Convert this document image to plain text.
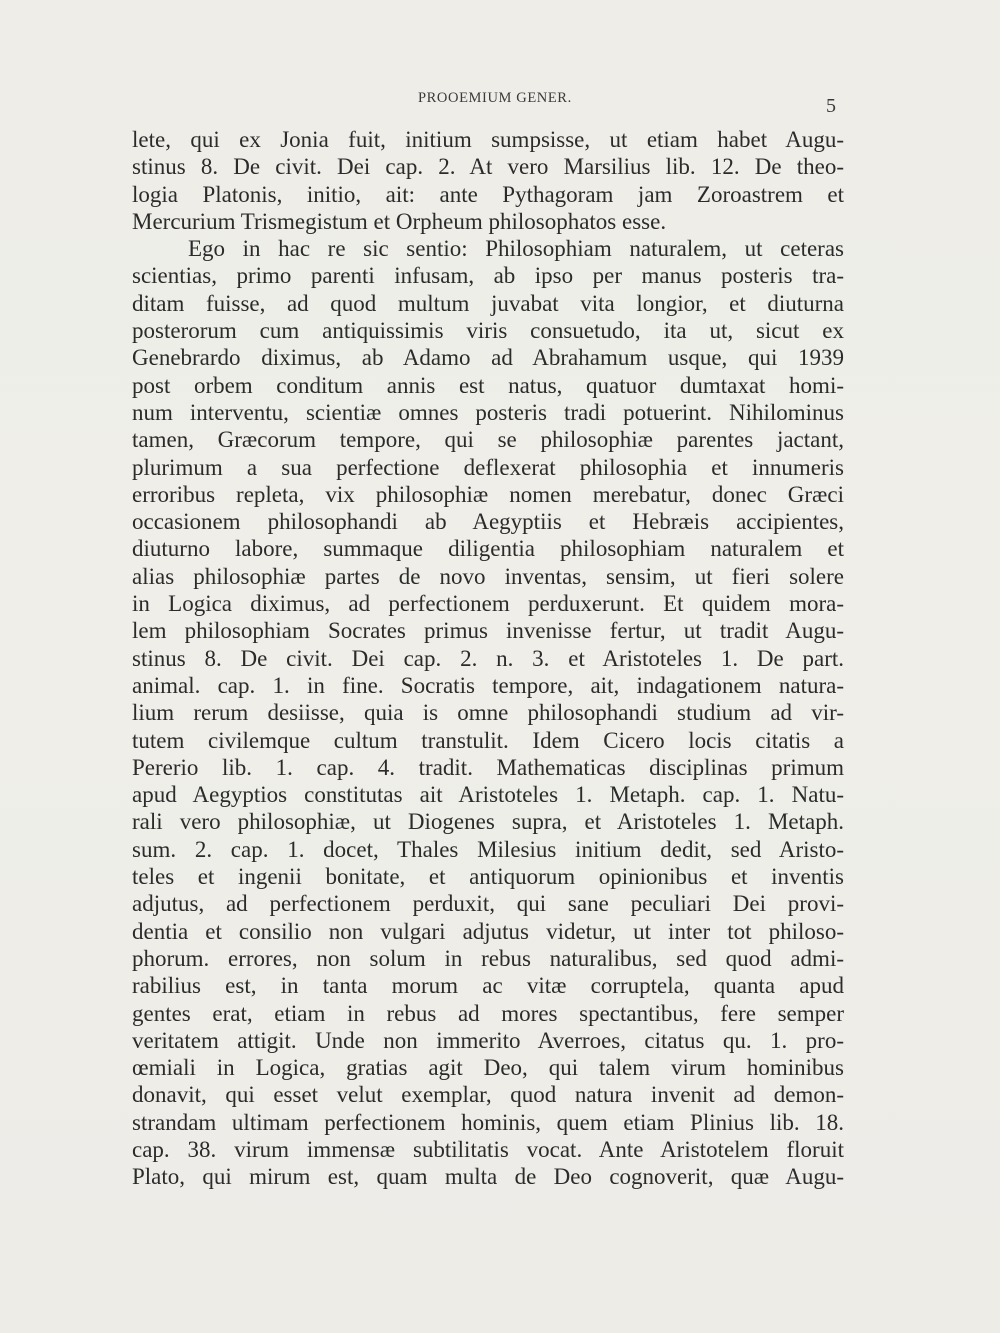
PROOEMIUM GENER.	5
lete, qui ex Jonia fuit, initium sumpsisse, ut etiam habet Augu-
stinus 8. De civit. Dei cap. 2. At vero Marsilius lib. 12. De theo-
logia Platonis, initio, ait: ante Pythagoram jam Zoroastrem et
Mercurium Trismegistum et Orpheum philosophatos esse.
Ego in hac re sic sentio: Philosophiam naturalem, ut ceteras
scientias, primo parenti infusam, ab ipso per manus posteris tra-
ditam fuisse, ad quod multum juvabat vita longior, et diuturna
posterorum cum antiquissimis viris consuetudo, ita ut, sicut ex
Genebrardo diximus, ab Adamo ad Abrahamum usque, qui 1939
post orbem conditum annis est natus, quatuor dumtaxat homi-
num interventu, scientiæ omnes posteris tradi potuerint. Nihilominus
tamen, Græcorum tempore, qui se philosophiæ parentes jactant,
plurimum a sua perfectione deflexerat philosophia et innumeris
erroribus repleta, vix philosophiæ nomen merebatur, donec Græci
occasionem philosophandi ab Aegyptiis et Hebræis accipientes,
diuturno labore, summaque diligentia philosophiam naturalem et
alias philosophiæ partes de novo inventas, sensim, ut fieri solere
in Logica diximus, ad perfectionem perduxerunt. Et quidem mora-
lem philosophiam Socrates primus invenisse fertur, ut tradit Augu-
stinus 8. De civit. Dei cap. 2. n. 3. et Aristoteles 1. De part.
animal. cap. 1. in fine. Socratis tempore, ait, indagationem natura-
lium rerum desiisse, quia is omne philosophandi studium ad vir-
tutem civilemque cultum transtulit. Idem Cicero locis citatis a
Pererio lib. 1. cap. 4. tradit. Mathematicas disciplinas primum
apud Aegyptios constitutas ait Aristoteles 1. Metaph. cap. 1. Natu-
rali vero philosophiæ, ut Diogenes supra, et Aristoteles 1. Metaph.
sum. 2. cap. 1. docet, Thales Milesius initium dedit, sed Aristo-
teles et ingenii bonitate, et antiquorum opinionibus et inventis
adjutus, ad perfectionem perduxit, qui sane peculiari Dei provi-
dentia et consilio non vulgari adjutus videtur, ut inter tot philoso-
phorum. errores, non solum in rebus naturalibus, sed quod admi-
rabilius est, in tanta morum ac vitæ corruptela, quanta apud
gentes erat, etiam in rebus ad mores spectantibus, fere semper
veritatem attigit. Unde non immerito Averroes, citatus qu. 1. pro-
œmiali in Logica, gratias agit Deo, qui talem virum hominibus
donavit, qui esset velut exemplar, quod natura invenit ad demon-
strandam ultimam perfectionem hominis, quem etiam Plinius lib. 18.
cap. 38. virum immensæ subtilitatis vocat. Ante Aristotelem floruit
Plato, qui mirum est, quam multa de Deo cognoverit, quæ Augu-
